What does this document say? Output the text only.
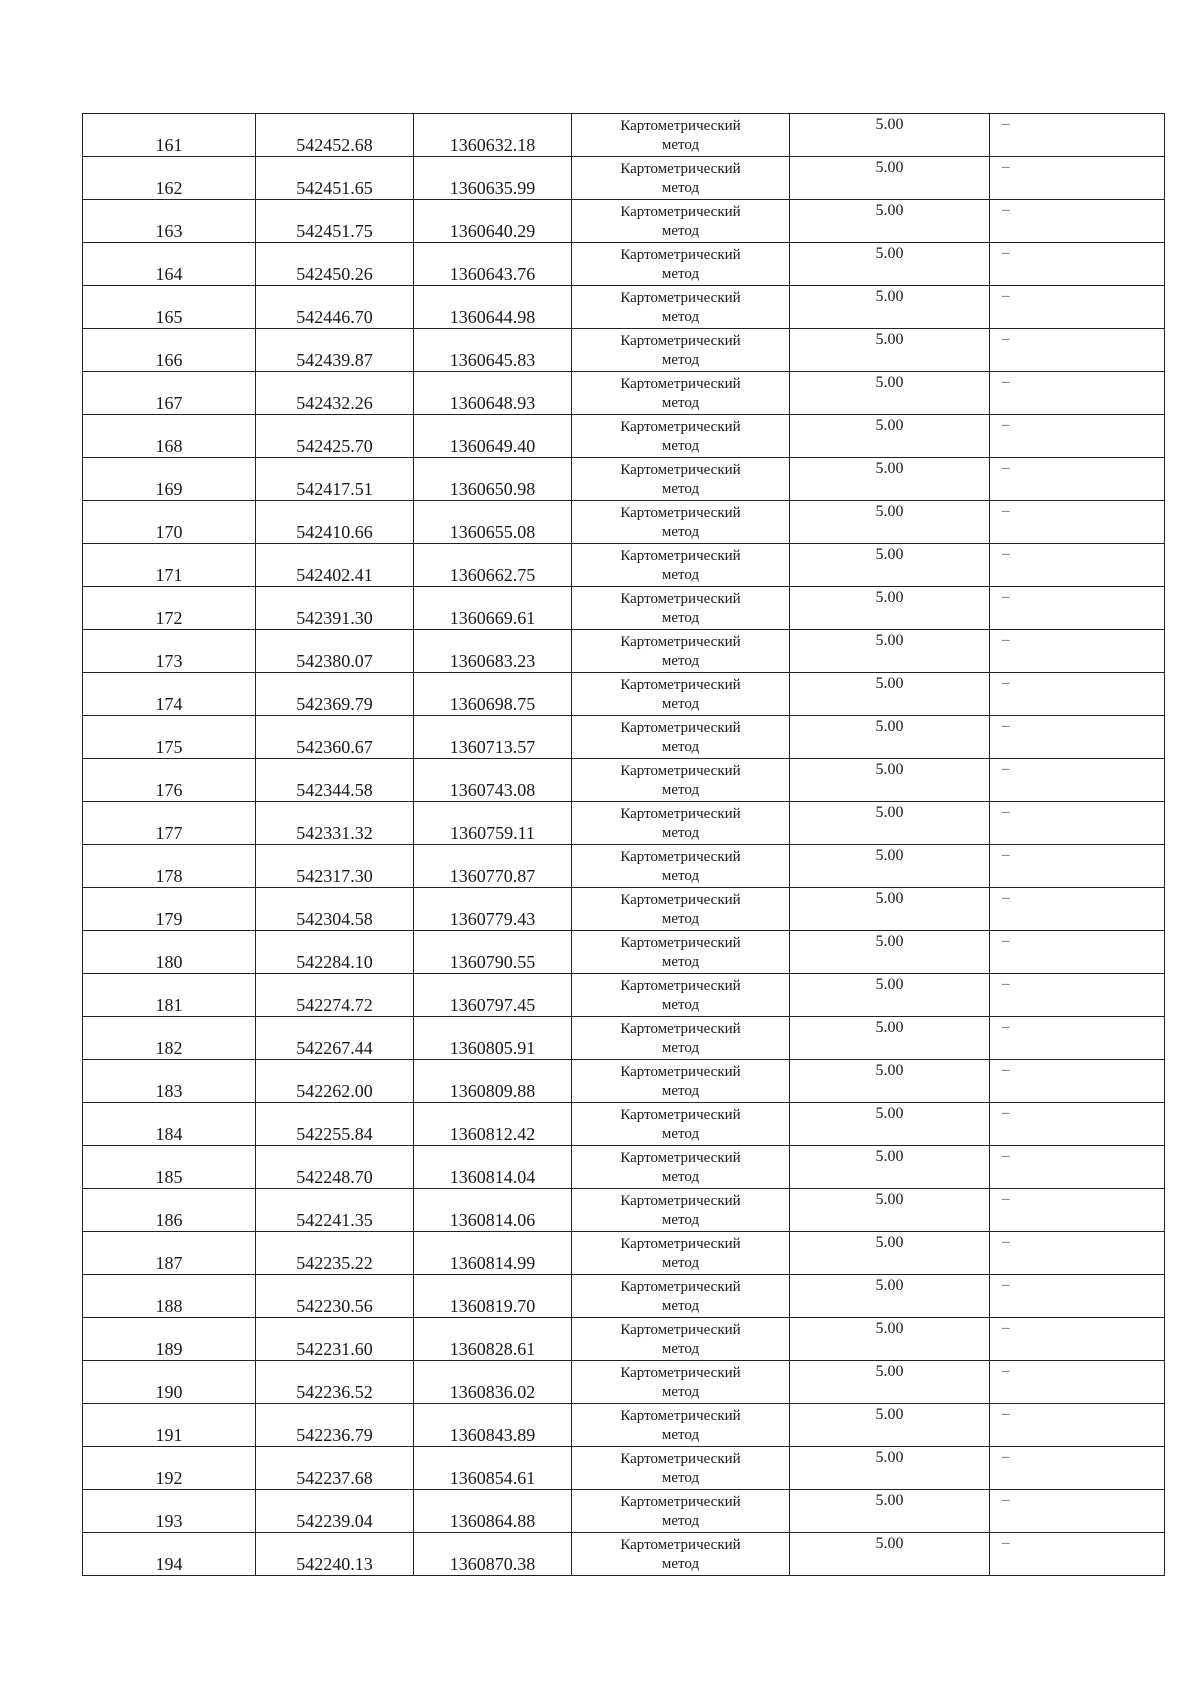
161	542452.68	1360632.18	Картометрический
метод	5.00	–

162	542451.65	1360635.99	Картометрический
метод	5.00	–

163	542451.75	1360640.29	Картометрический
метод	5.00	–

164	542450.26	1360643.76	Картометрический
метод	5.00	–

165	542446.70	1360644.98	Картометрический
метод	5.00	–

166	542439.87	1360645.83	Картометрический
метод	5.00	–

167	542432.26	1360648.93	Картометрический
метод	5.00	–

168	542425.70	1360649.40	Картометрический
метод	5.00	–

169	542417.51	1360650.98	Картометрический
метод	5.00	–

170	542410.66	1360655.08	Картометрический
метод	5.00	–

171	542402.41	1360662.75	Картометрический
метод	5.00	–

172	542391.30	1360669.61	Картометрический
метод	5.00	–

173	542380.07	1360683.23	Картометрический
метод	5.00	–

174	542369.79	1360698.75	Картометрический
метод	5.00	–

175	542360.67	1360713.57	Картометрический
метод	5.00	–

176	542344.58	1360743.08	Картометрический
метод	5.00	–

177	542331.32	1360759.11	Картометрический
метод	5.00	–

178	542317.30	1360770.87	Картометрический
метод	5.00	–

179	542304.58	1360779.43	Картометрический
метод	5.00	–

180	542284.10	1360790.55	Картометрический
метод	5.00	–

181	542274.72	1360797.45	Картометрический
метод	5.00	–

182	542267.44	1360805.91	Картометрический
метод	5.00	–

183	542262.00	1360809.88	Картометрический
метод	5.00	–

184	542255.84	1360812.42	Картометрический
метод	5.00	–

185	542248.70	1360814.04	Картометрический
метод	5.00	–

186	542241.35	1360814.06	Картометрический
метод	5.00	–

187	542235.22	1360814.99	Картометрический
метод	5.00	–

188	542230.56	1360819.70	Картометрический
метод	5.00	–

189	542231.60	1360828.61	Картометрический
метод	5.00	–

190	542236.52	1360836.02	Картометрический
метод	5.00	–

191	542236.79	1360843.89	Картометрический
метод	5.00	–

192	542237.68	1360854.61	Картометрический
метод	5.00	–

193	542239.04	1360864.88	Картометрический
метод	5.00	–

194	542240.13	1360870.38	Картометрический
метод	5.00	–
